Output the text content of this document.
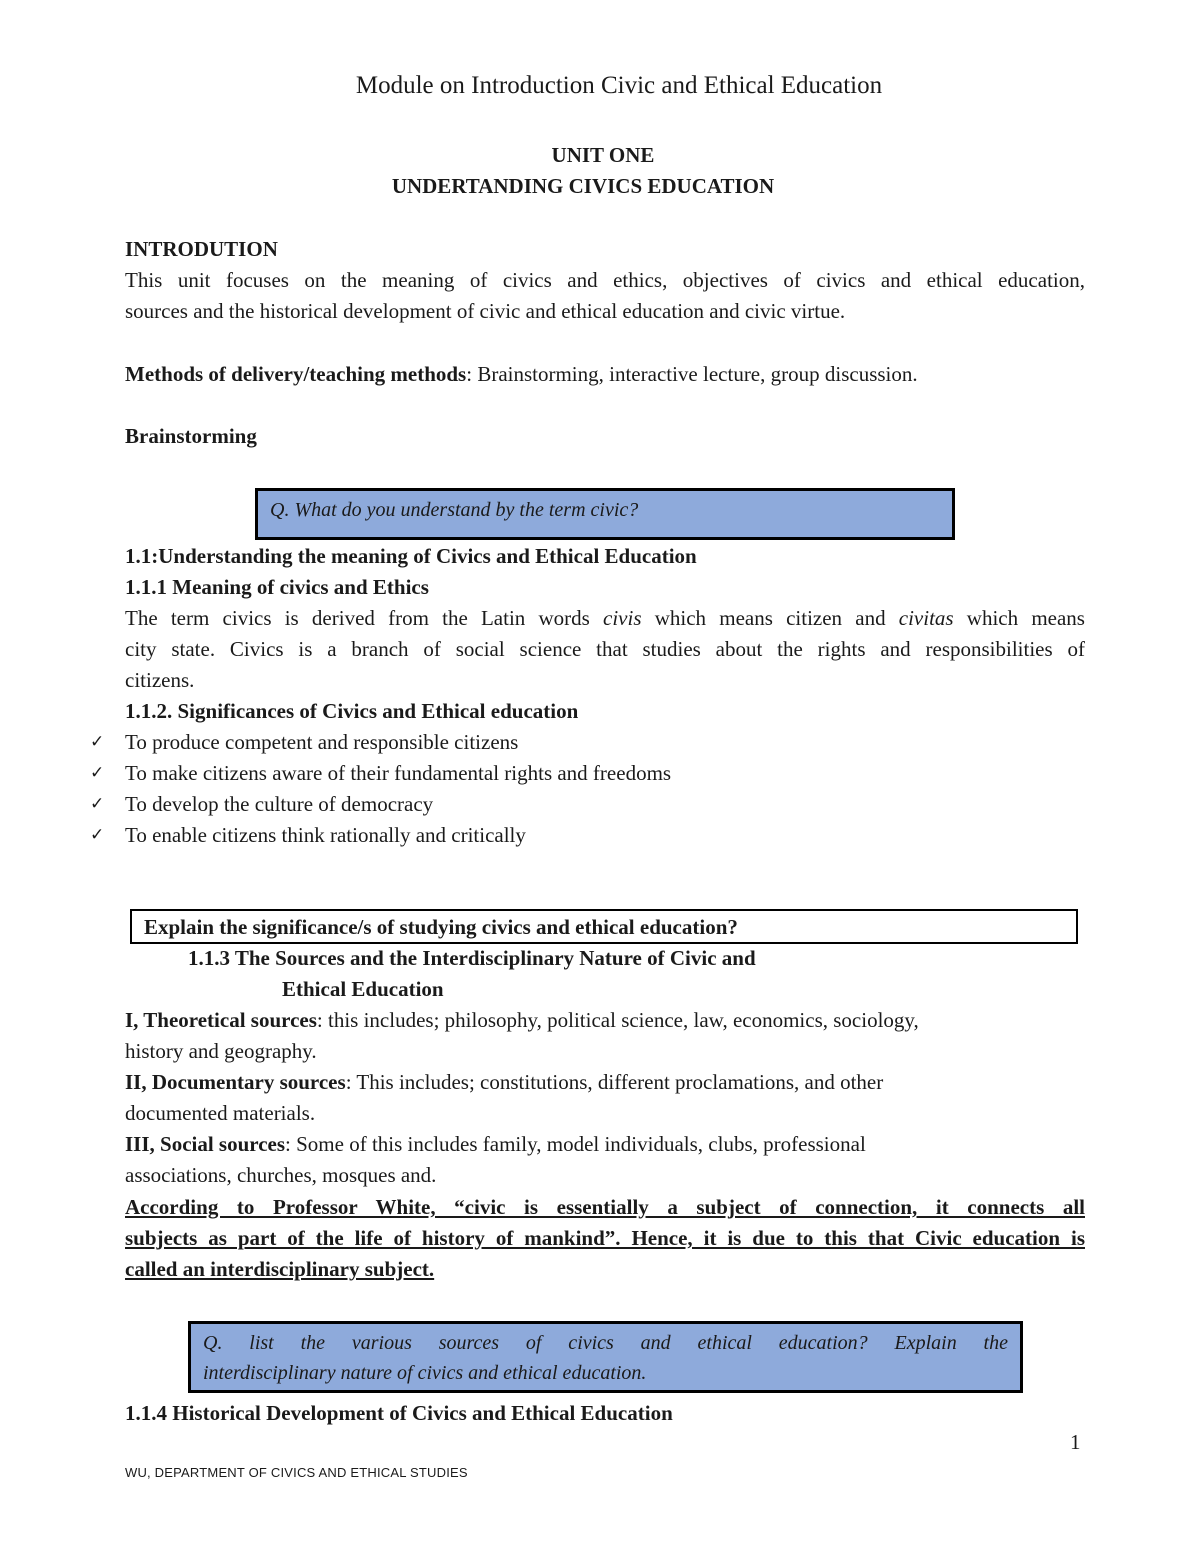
Module on Introduction Civic and Ethical Education
UNIT ONE
UNDERTANDING CIVICS EDUCATION
INTRODUTION
This unit focuses on the meaning of civics and ethics, objectives of civics and ethical education,
sources and the historical development of civic and ethical education and civic virtue.
Methods of delivery/teaching methods: Brainstorming, interactive lecture, group discussion.
Brainstorming
Q. What do you understand by the term civic?
1.1:Understanding the meaning of Civics and Ethical Education
1.1.1 Meaning of civics and Ethics
The term civics is derived from the Latin words civis which means citizen and civitas which means
city state. Civics is a branch of social science that studies about the rights and responsibilities of
citizens.
1.1.2. Significances of Civics and Ethical education
✓ To produce competent and responsible citizens
✓ To make citizens aware of their fundamental rights and freedoms
✓ To develop the culture of democracy
✓ To enable citizens think rationally and critically
Explain the significance/s of studying civics and ethical education?
1.1.3 The Sources and the Interdisciplinary Nature of Civic and
Ethical Education
I, Theoretical sources: this includes; philosophy, political science, law, economics, sociology,
history and geography.
II, Documentary sources: This includes; constitutions, different proclamations, and other
documented materials.
III, Social sources: Some of this includes family, model individuals, clubs, professional
associations, churches, mosques and.
According to Professor White, “civic is essentially a subject of connection, it connects all
subjects as part of the life of history of mankind”. Hence, it is due to this that Civic education is
called an interdisciplinary subject.
Q. list the various sources of civics and ethical education? Explain the
interdisciplinary nature of civics and ethical education.
1.1.4 Historical Development of Civics and Ethical Education
1
WU, DEPARTMENT OF CIVICS AND ETHICAL STUDIES
